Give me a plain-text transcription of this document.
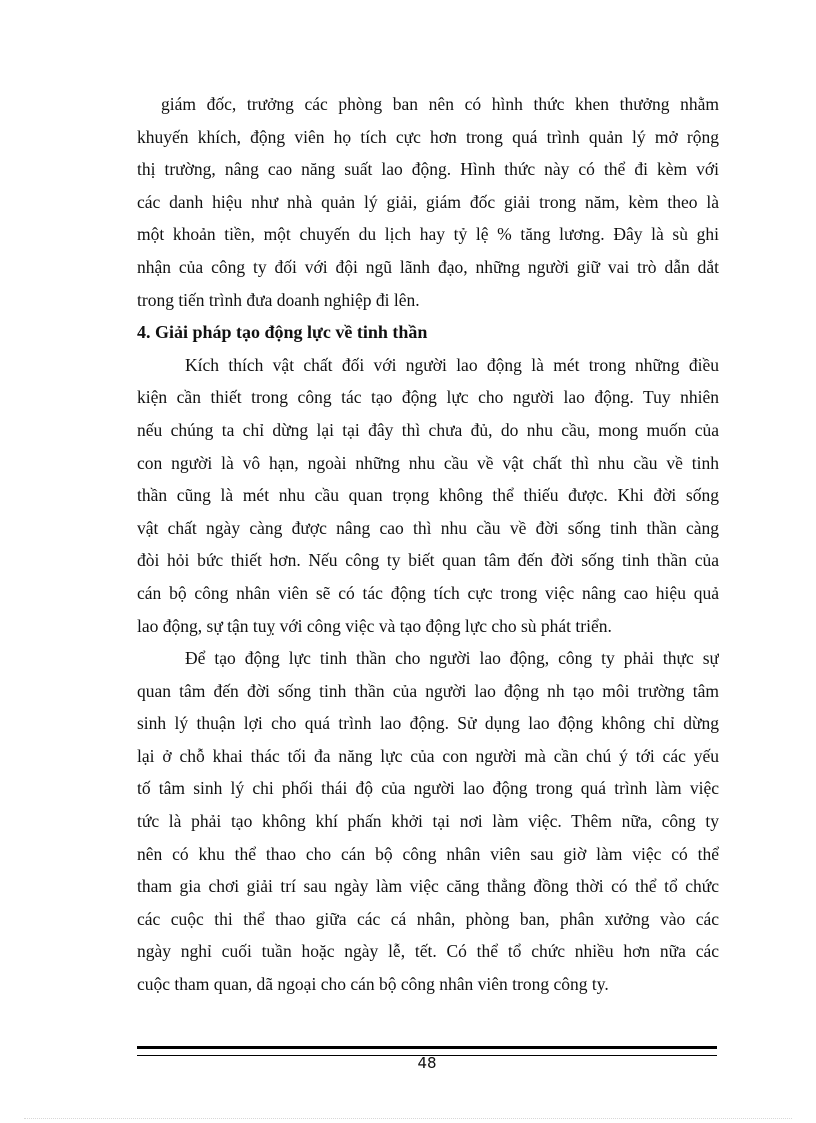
giám đốc, trưởng các phòng ban nên có hình thức khen thưởng nhằm
khuyến khích, động viên họ tích cực hơn trong quá trình quản lý mở rộng
thị trường, nâng cao năng suất lao động. Hình thức này có thể đi kèm với
các danh hiệu như nhà quản lý giải, giám đốc giải trong năm, kèm theo là
một khoản tiền, một chuyến du lịch hay tỷ lệ % tăng lương. Đây là sù ghi
nhận của công ty đối với đội ngũ lãnh đạo, những người giữ vai trò dẫn dắt
trong tiến trình đưa doanh nghiệp đi lên.
4. Giải pháp tạo động lực về tinh thần
Kích thích vật chất đối với người lao động là mét trong những điều
kiện cần thiết trong công tác tạo động lực cho người lao động. Tuy nhiên
nếu chúng ta chỉ dừng lại tại đây thì chưa đủ, do nhu cầu, mong muốn của
con người là vô hạn, ngoài những nhu cầu về vật chất thì nhu cầu về tinh
thần cũng là mét nhu cầu quan trọng không thể thiếu được. Khi đời sống
vật chất ngày càng được nâng cao thì nhu cầu về đời sống tinh thần càng
đòi hỏi bức thiết hơn. Nếu công ty biết quan tâm đến đời sống tinh thần của
cán bộ công nhân viên sẽ có tác động tích cực trong việc nâng cao hiệu quả
lao động, sự tận tuỵ với công việc và tạo động lực cho sù phát triển.
Để tạo động lực tinh thần cho người lao động, công ty phải thực sự
quan tâm đến đời sống tinh thần của người lao động nh tạo môi trường tâm
sinh lý thuận lợi cho quá trình lao động. Sử dụng lao động không chỉ dừng
lại ở chỗ khai thác tối đa năng lực của con người mà cần chú ý tới các yếu
tố tâm sinh lý chi phối thái độ của người lao động trong quá trình làm việc
tức là phải tạo không khí phấn khởi tại nơi làm việc. Thêm nữa, công ty
nên có khu thể thao cho cán bộ công nhân viên sau giờ làm việc có thể
tham gia chơi giải trí sau ngày làm việc căng thẳng đồng thời có thể tổ chức
các cuộc thi thể thao giữa các cá nhân, phòng ban, phân xưởng vào các
ngày nghỉ cuối tuần hoặc ngày lễ, tết. Có thể tổ chức nhiều hơn nữa các
cuộc tham quan, dã ngoại cho cán bộ công nhân viên trong công ty.
48
